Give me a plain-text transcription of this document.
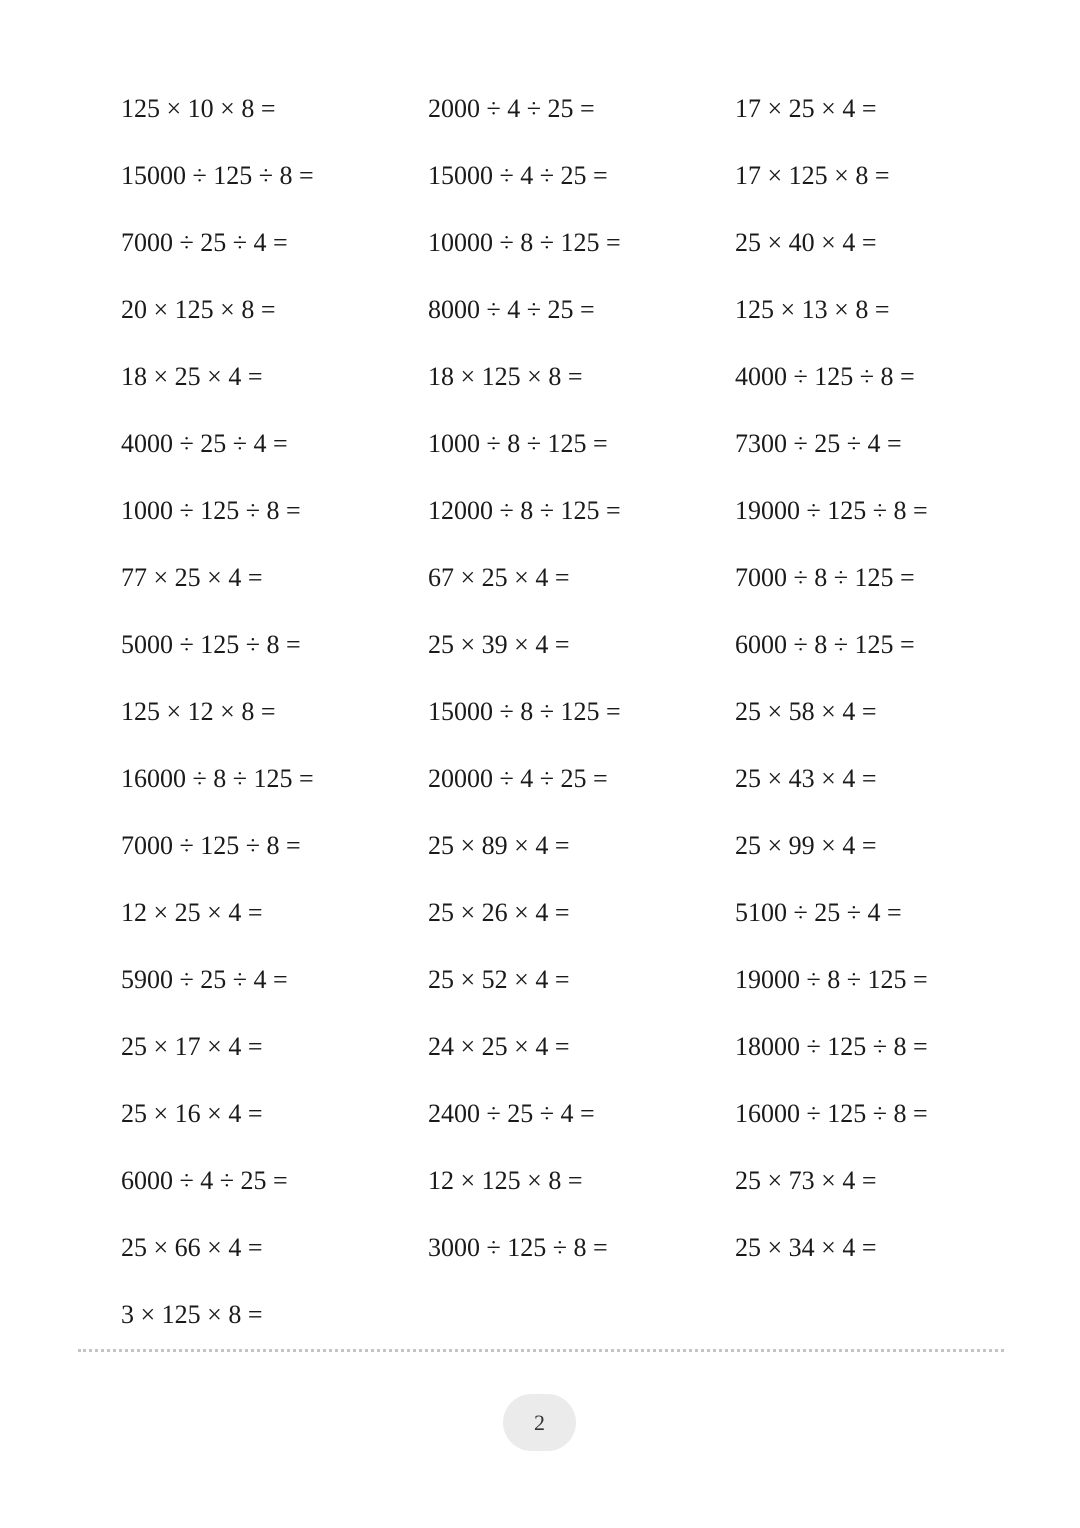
125 × 10 × 8 =
15000 ÷ 125 ÷ 8 =
7000 ÷ 25 ÷ 4 =
20 × 125 × 8 =
18 × 25 × 4 =
4000 ÷ 25 ÷ 4 =
1000 ÷ 125 ÷ 8 =
77 × 25 × 4 =
5000 ÷ 125 ÷ 8 =
125 × 12 × 8 =
16000 ÷ 8 ÷ 125 =
7000 ÷ 125 ÷ 8 =
12 × 25 × 4 =
5900 ÷ 25 ÷ 4 =
25 × 17 × 4 =
25 × 16 × 4 =
6000 ÷ 4 ÷ 25 =
25 × 66 × 4 =
3 × 125 × 8 =
2000 ÷ 4 ÷ 25 =
15000 ÷ 4 ÷ 25 =
10000 ÷ 8 ÷ 125 =
8000 ÷ 4 ÷ 25 =
18 × 125 × 8 =
1000 ÷ 8 ÷ 125 =
12000 ÷ 8 ÷ 125 =
67 × 25 × 4 =
25 × 39 × 4 =
15000 ÷ 8 ÷ 125 =
20000 ÷ 4 ÷ 25 =
25 × 89 × 4 =
25 × 26 × 4 =
25 × 52 × 4 =
24 × 25 × 4 =
2400 ÷ 25 ÷ 4 =
12 × 125 × 8 =
3000 ÷ 125 ÷ 8 =
17 × 25 × 4 =
17 × 125 × 8 =
25 × 40 × 4 =
125 × 13 × 8 =
4000 ÷ 125 ÷ 8 =
7300 ÷ 25 ÷ 4 =
19000 ÷ 125 ÷ 8 =
7000 ÷ 8 ÷ 125 =
6000 ÷ 8 ÷ 125 =
25 × 58 × 4 =
25 × 43 × 4 =
25 × 99 × 4 =
5100 ÷ 25 ÷ 4 =
19000 ÷ 8 ÷ 125 =
18000 ÷ 125 ÷ 8 =
16000 ÷ 125 ÷ 8 =
25 × 73 × 4 =
25 × 34 × 4 =
2
